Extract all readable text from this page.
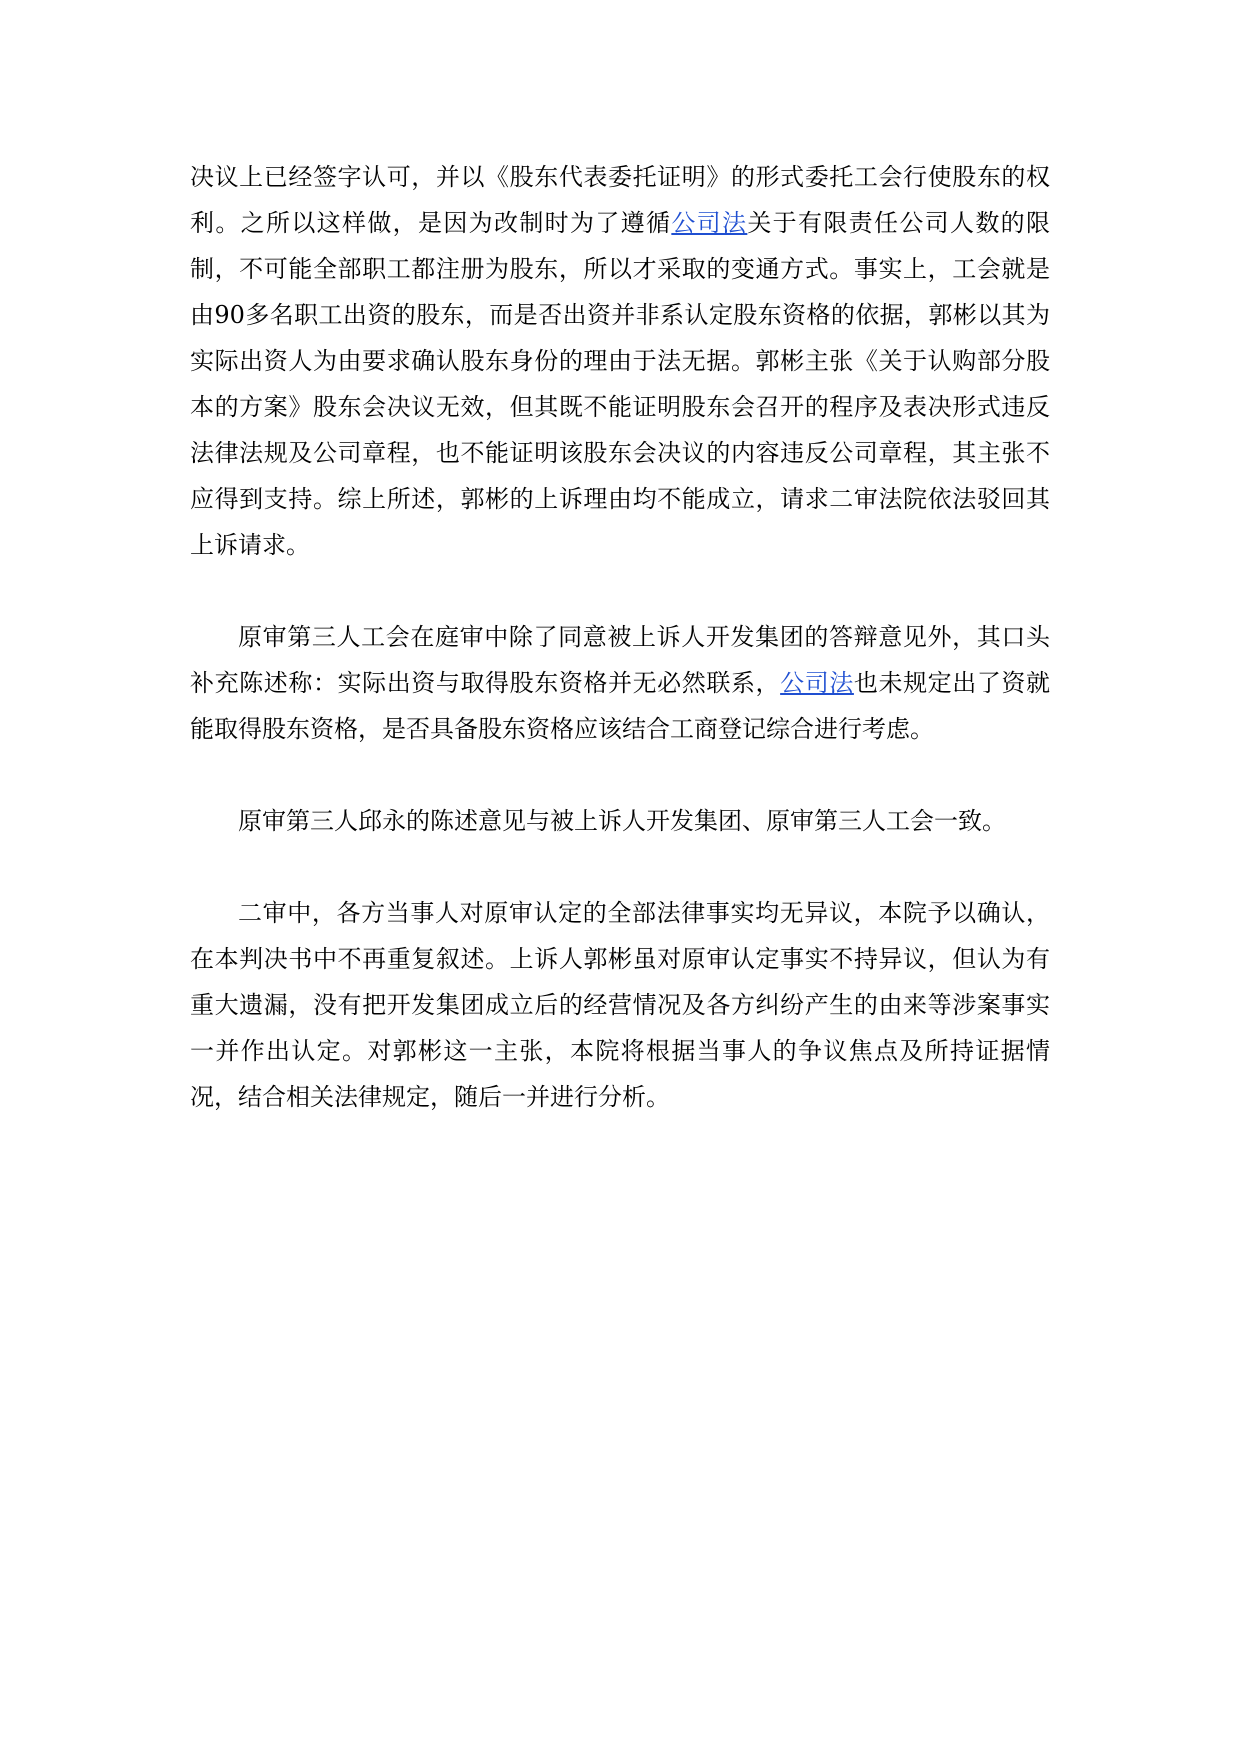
决议上已经签字认可，并以《股东代表委托证明》的形式委托工会行使股东的权利。之所以这样做，是因为改制时为了遵循公司法关于有限责任公司人数的限制，不可能全部职工都注册为股东，所以才采取的变通方式。事实上，工会就是由90多名职工出资的股东，而是否出资并非系认定股东资格的依据，郭彬以其为实际出资人为由要求确认股东身份的理由于法无据。郭彬主张《关于认购部分股本的方案》股东会决议无效，但其既不能证明股东会召开的程序及表决形式违反法律法规及公司章程，也不能证明该股东会决议的内容违反公司章程，其主张不应得到支持。综上所述，郭彬的上诉理由均不能成立，请求二审法院依法驳回其上诉请求。

原审第三人工会在庭审中除了同意被上诉人开发集团的答辩意见外，其口头补充陈述称：实际出资与取得股东资格并无必然联系，公司法也未规定出了资就能取得股东资格，是否具备股东资格应该结合工商登记综合进行考虑。

原审第三人邱永的陈述意见与被上诉人开发集团、原审第三人工会一致。

二审中，各方当事人对原审认定的全部法律事实均无异议，本院予以确认，在本判决书中不再重复叙述。上诉人郭彬虽对原审认定事实不持异议，但认为有重大遗漏，没有把开发集团成立后的经营情况及各方纠纷产生的由来等涉案事实一并作出认定。对郭彬这一主张，本院将根据当事人的争议焦点及所持证据情况，结合相关法律规定，随后一并进行分析。
